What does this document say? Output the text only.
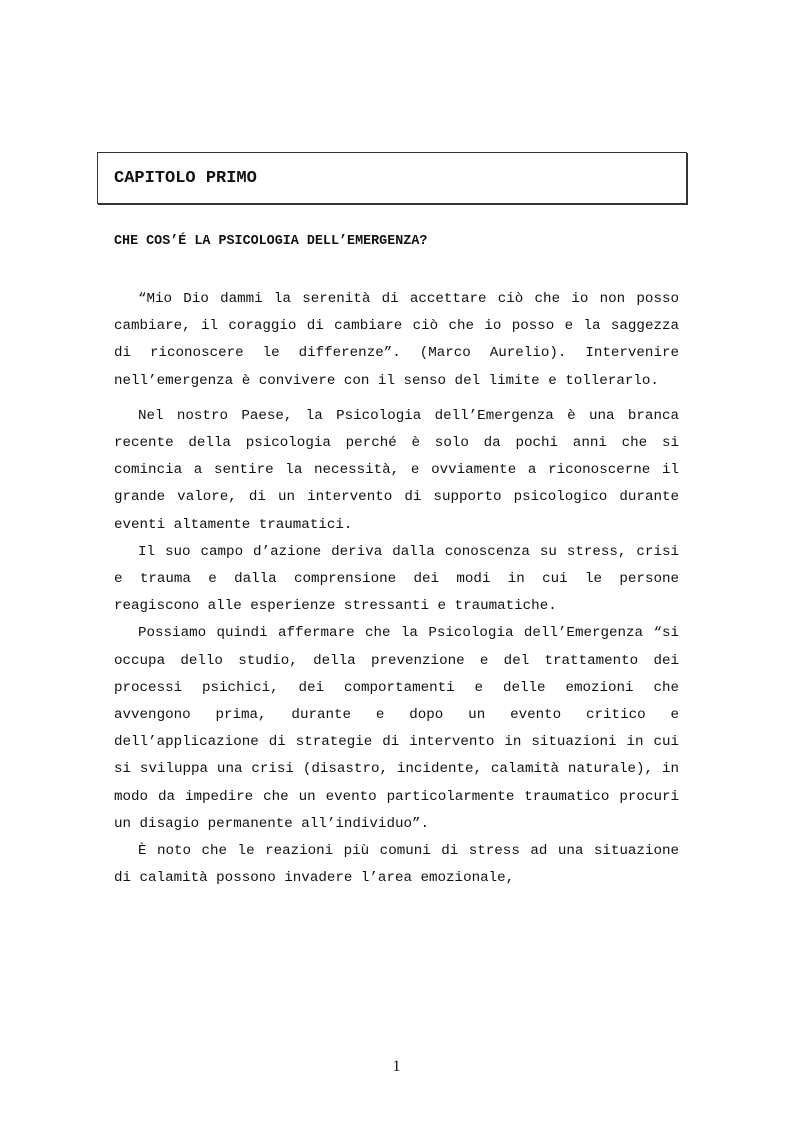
CAPITOLO PRIMO
CHE COS’É LA PSICOLOGIA DELL’EMERGENZA?

“Mio Dio dammi la serenità di accettare ciò che io non posso cambiare, il coraggio di cambiare ciò che io posso e la saggezza di riconoscere le differenze”. (Marco Aurelio). Intervenire nell’emergenza è convivere con il senso del limite e tollerarlo.

Nel nostro Paese, la Psicologia dell’Emergenza è una branca recente della psicologia perché è solo da pochi anni che si comincia a sentire la necessità, e ovviamente a riconoscerne il grande valore, di un intervento di supporto psicologico durante eventi altamente traumatici.

Il suo campo d’azione deriva dalla conoscenza su stress, crisi e trauma e dalla comprensione dei modi in cui le persone reagiscono alle esperienze stressanti e traumatiche.

Possiamo quindi affermare che la Psicologia dell’Emergenza “si occupa dello studio, della prevenzione e del trattamento dei processi psichici, dei comportamenti e delle emozioni che avvengono prima, durante e dopo un evento critico e dell’applicazione di strategie di intervento in situazioni in cui si sviluppa una crisi (disastro, incidente, calamità naturale), in modo da impedire che un evento particolarmente traumatico procuri un disagio permanente all’individuo”.

È noto che le reazioni più comuni di stress ad una situazione di calamità possono invadere l’area emozionale,

1
